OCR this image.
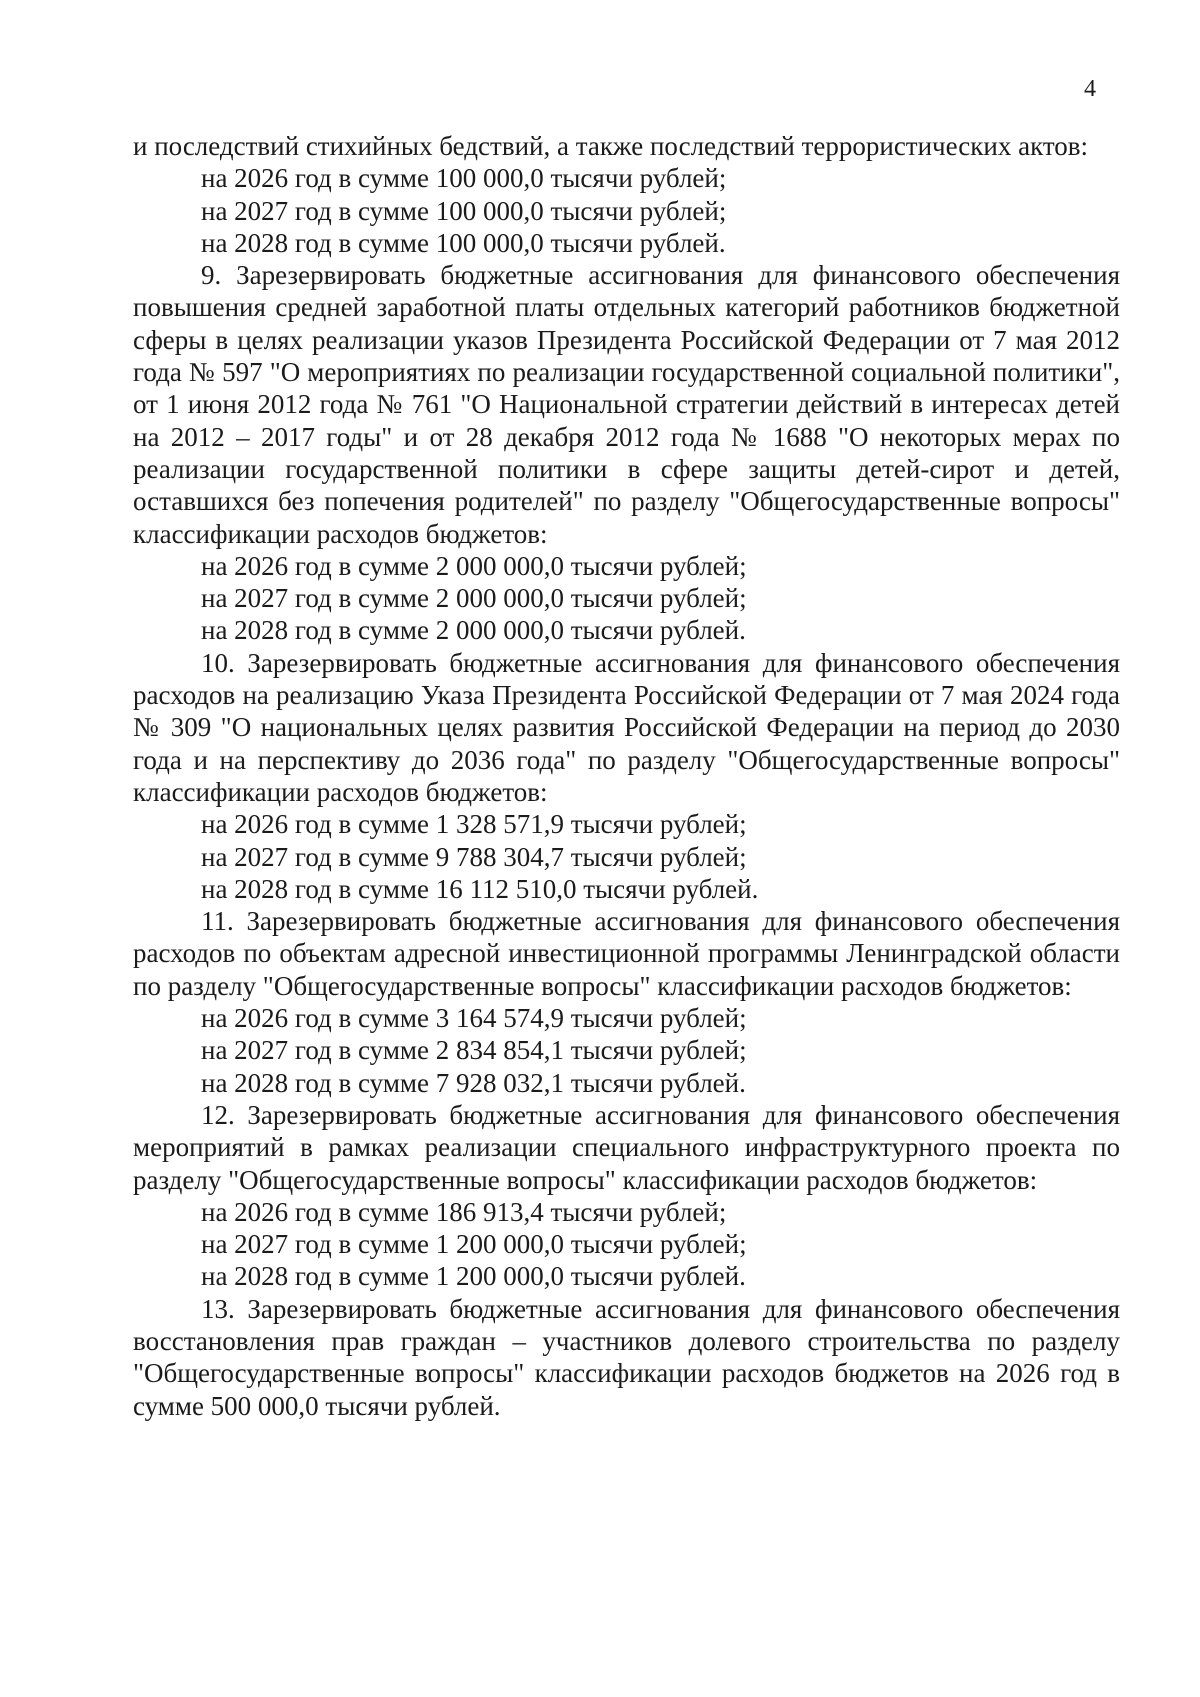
4

и последствий стихийных бедствий, а также последствий террористических актов:

на 2026 год в сумме 100 000,0 тысячи рублей;

на 2027 год в сумме 100 000,0 тысячи рублей;

на 2028 год в сумме 100 000,0 тысячи рублей.

9. Зарезервировать бюджетные ассигнования для финансового обеспечения повышения средней заработной платы отдельных категорий работников бюджетной сферы в целях реализации указов Президента Российской Федерации от 7 мая 2012 года № 597 "О мероприятиях по реализации государственной социальной политики", от 1 июня 2012 года № 761 "О Национальной стратегии действий в интересах детей на 2012 – 2017 годы" и от 28 декабря 2012 года № 1688 "О некоторых мерах по реализации государственной политики в сфере защиты детей-сирот и детей, оставшихся без попечения родителей" по разделу "Общегосударственные вопросы" классификации расходов бюджетов:

на 2026 год в сумме 2 000 000,0 тысячи рублей;

на 2027 год в сумме 2 000 000,0 тысячи рублей;

на 2028 год в сумме 2 000 000,0 тысячи рублей.

10. Зарезервировать бюджетные ассигнования для финансового обеспечения расходов на реализацию Указа Президента Российской Федерации от 7 мая 2024 года № 309 "О национальных целях развития Российской Федерации на период до 2030 года и на перспективу до 2036 года" по разделу "Общегосударственные вопросы" классификации расходов бюджетов:

на 2026 год в сумме 1 328 571,9 тысячи рублей;

на 2027 год в сумме 9 788 304,7 тысячи рублей;

на 2028 год в сумме 16 112 510,0 тысячи рублей.

11. Зарезервировать бюджетные ассигнования для финансового обеспечения расходов по объектам адресной инвестиционной программы Ленинградской области по разделу "Общегосударственные вопросы" классификации расходов бюджетов:

на 2026 год в сумме 3 164 574,9 тысячи рублей;

на 2027 год в сумме 2 834 854,1 тысячи рублей;

на 2028 год в сумме 7 928 032,1 тысячи рублей.

12. Зарезервировать бюджетные ассигнования для финансового обеспечения мероприятий в рамках реализации специального инфраструктурного проекта по разделу "Общегосударственные вопросы" классификации расходов бюджетов:

на 2026 год в сумме 186 913,4 тысячи рублей;

на 2027 год в сумме 1 200 000,0 тысячи рублей;

на 2028 год в сумме 1 200 000,0 тысячи рублей.

13. Зарезервировать бюджетные ассигнования для финансового обеспечения восстановления прав граждан – участников долевого строительства по разделу "Общегосударственные вопросы" классификации расходов бюджетов на 2026 год в сумме 500 000,0 тысячи рублей.
